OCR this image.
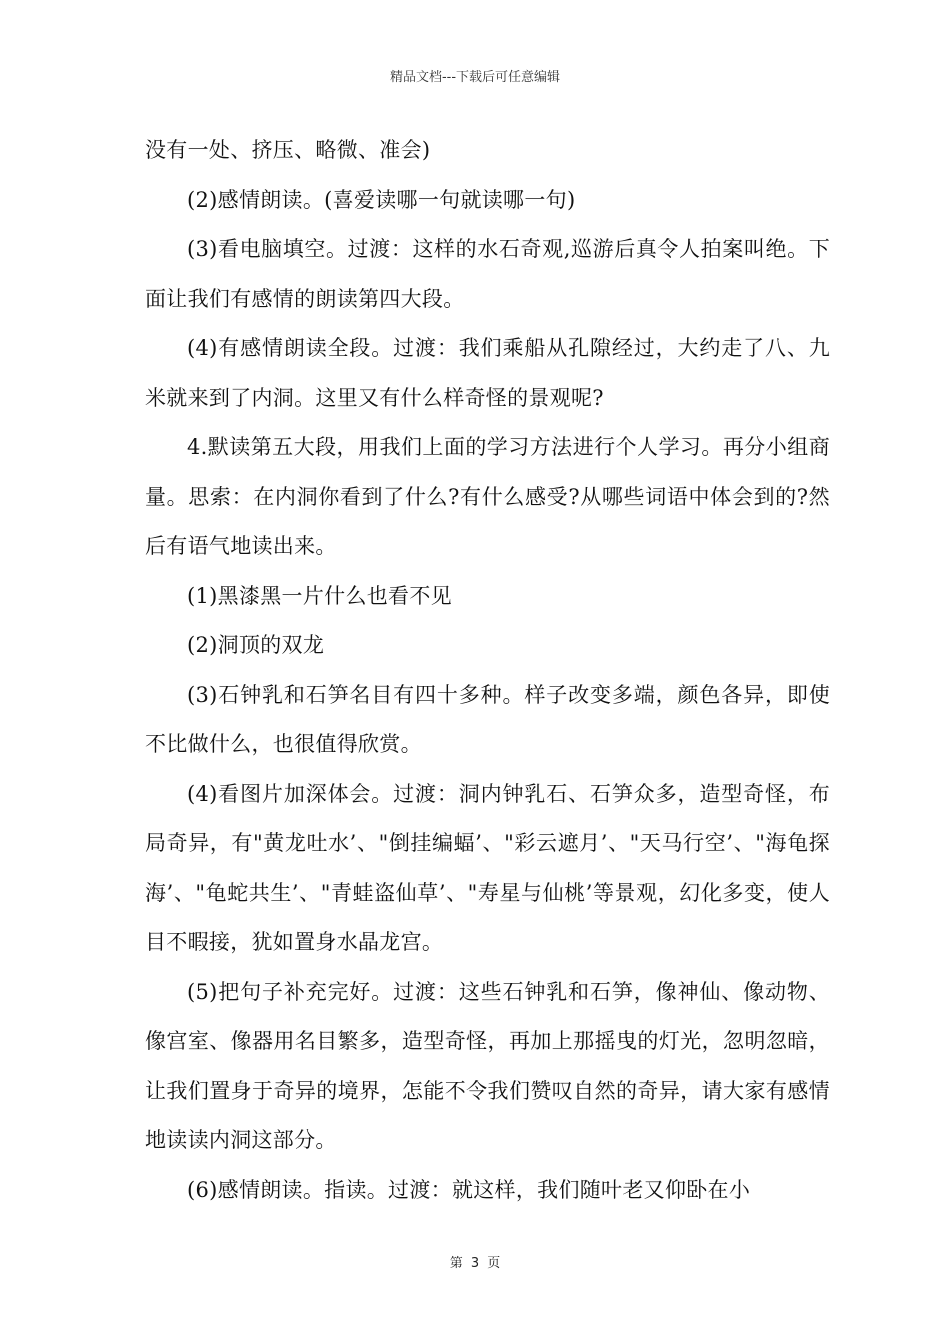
精品文档---下载后可任意编辑

没有一处、挤压、略微、准会)

(2)感情朗读。(喜爱读哪一句就读哪一句)

(3)看电脑填空。过渡：这样的水石奇观,巡游后真令人拍案叫绝。下面让我们有感情的朗读第四大段。

(4)有感情朗读全段。过渡：我们乘船从孔隙经过，大约走了八、九米就来到了内洞。这里又有什么样奇怪的景观呢?

4.默读第五大段，用我们上面的学习方法进行个人学习。再分小组商量。思索：在内洞你看到了什么?有什么感受?从哪些词语中体会到的?然后有语气地读出来。

(1)黑漆黑一片什么也看不见

(2)洞顶的双龙

(3)石钟乳和石笋名目有四十多种。样子改变多端，颜色各异，即使不比做什么，也很值得欣赏。

(4)看图片加深体会。过渡：洞内钟乳石、石笋众多，造型奇怪，布局奇异，有"黄龙吐水’、"倒挂编蝠’、"彩云遮月’、"天马行空’、"海龟探海’、"龟蛇共生’、"青蛙盗仙草’、"寿星与仙桃’等景观，幻化多变，使人目不暇接，犹如置身水晶龙宫。

(5)把句子补充完好。过渡：这些石钟乳和石笋，像神仙、像动物、像宫室、像器用名目繁多，造型奇怪，再加上那摇曳的灯光，忽明忽暗，让我们置身于奇异的境界，怎能不令我们赞叹自然的奇异，请大家有感情地读读内洞这部分。

(6)感情朗读。指读。过渡：就这样，我们随叶老又仰卧在小

第 3 页
